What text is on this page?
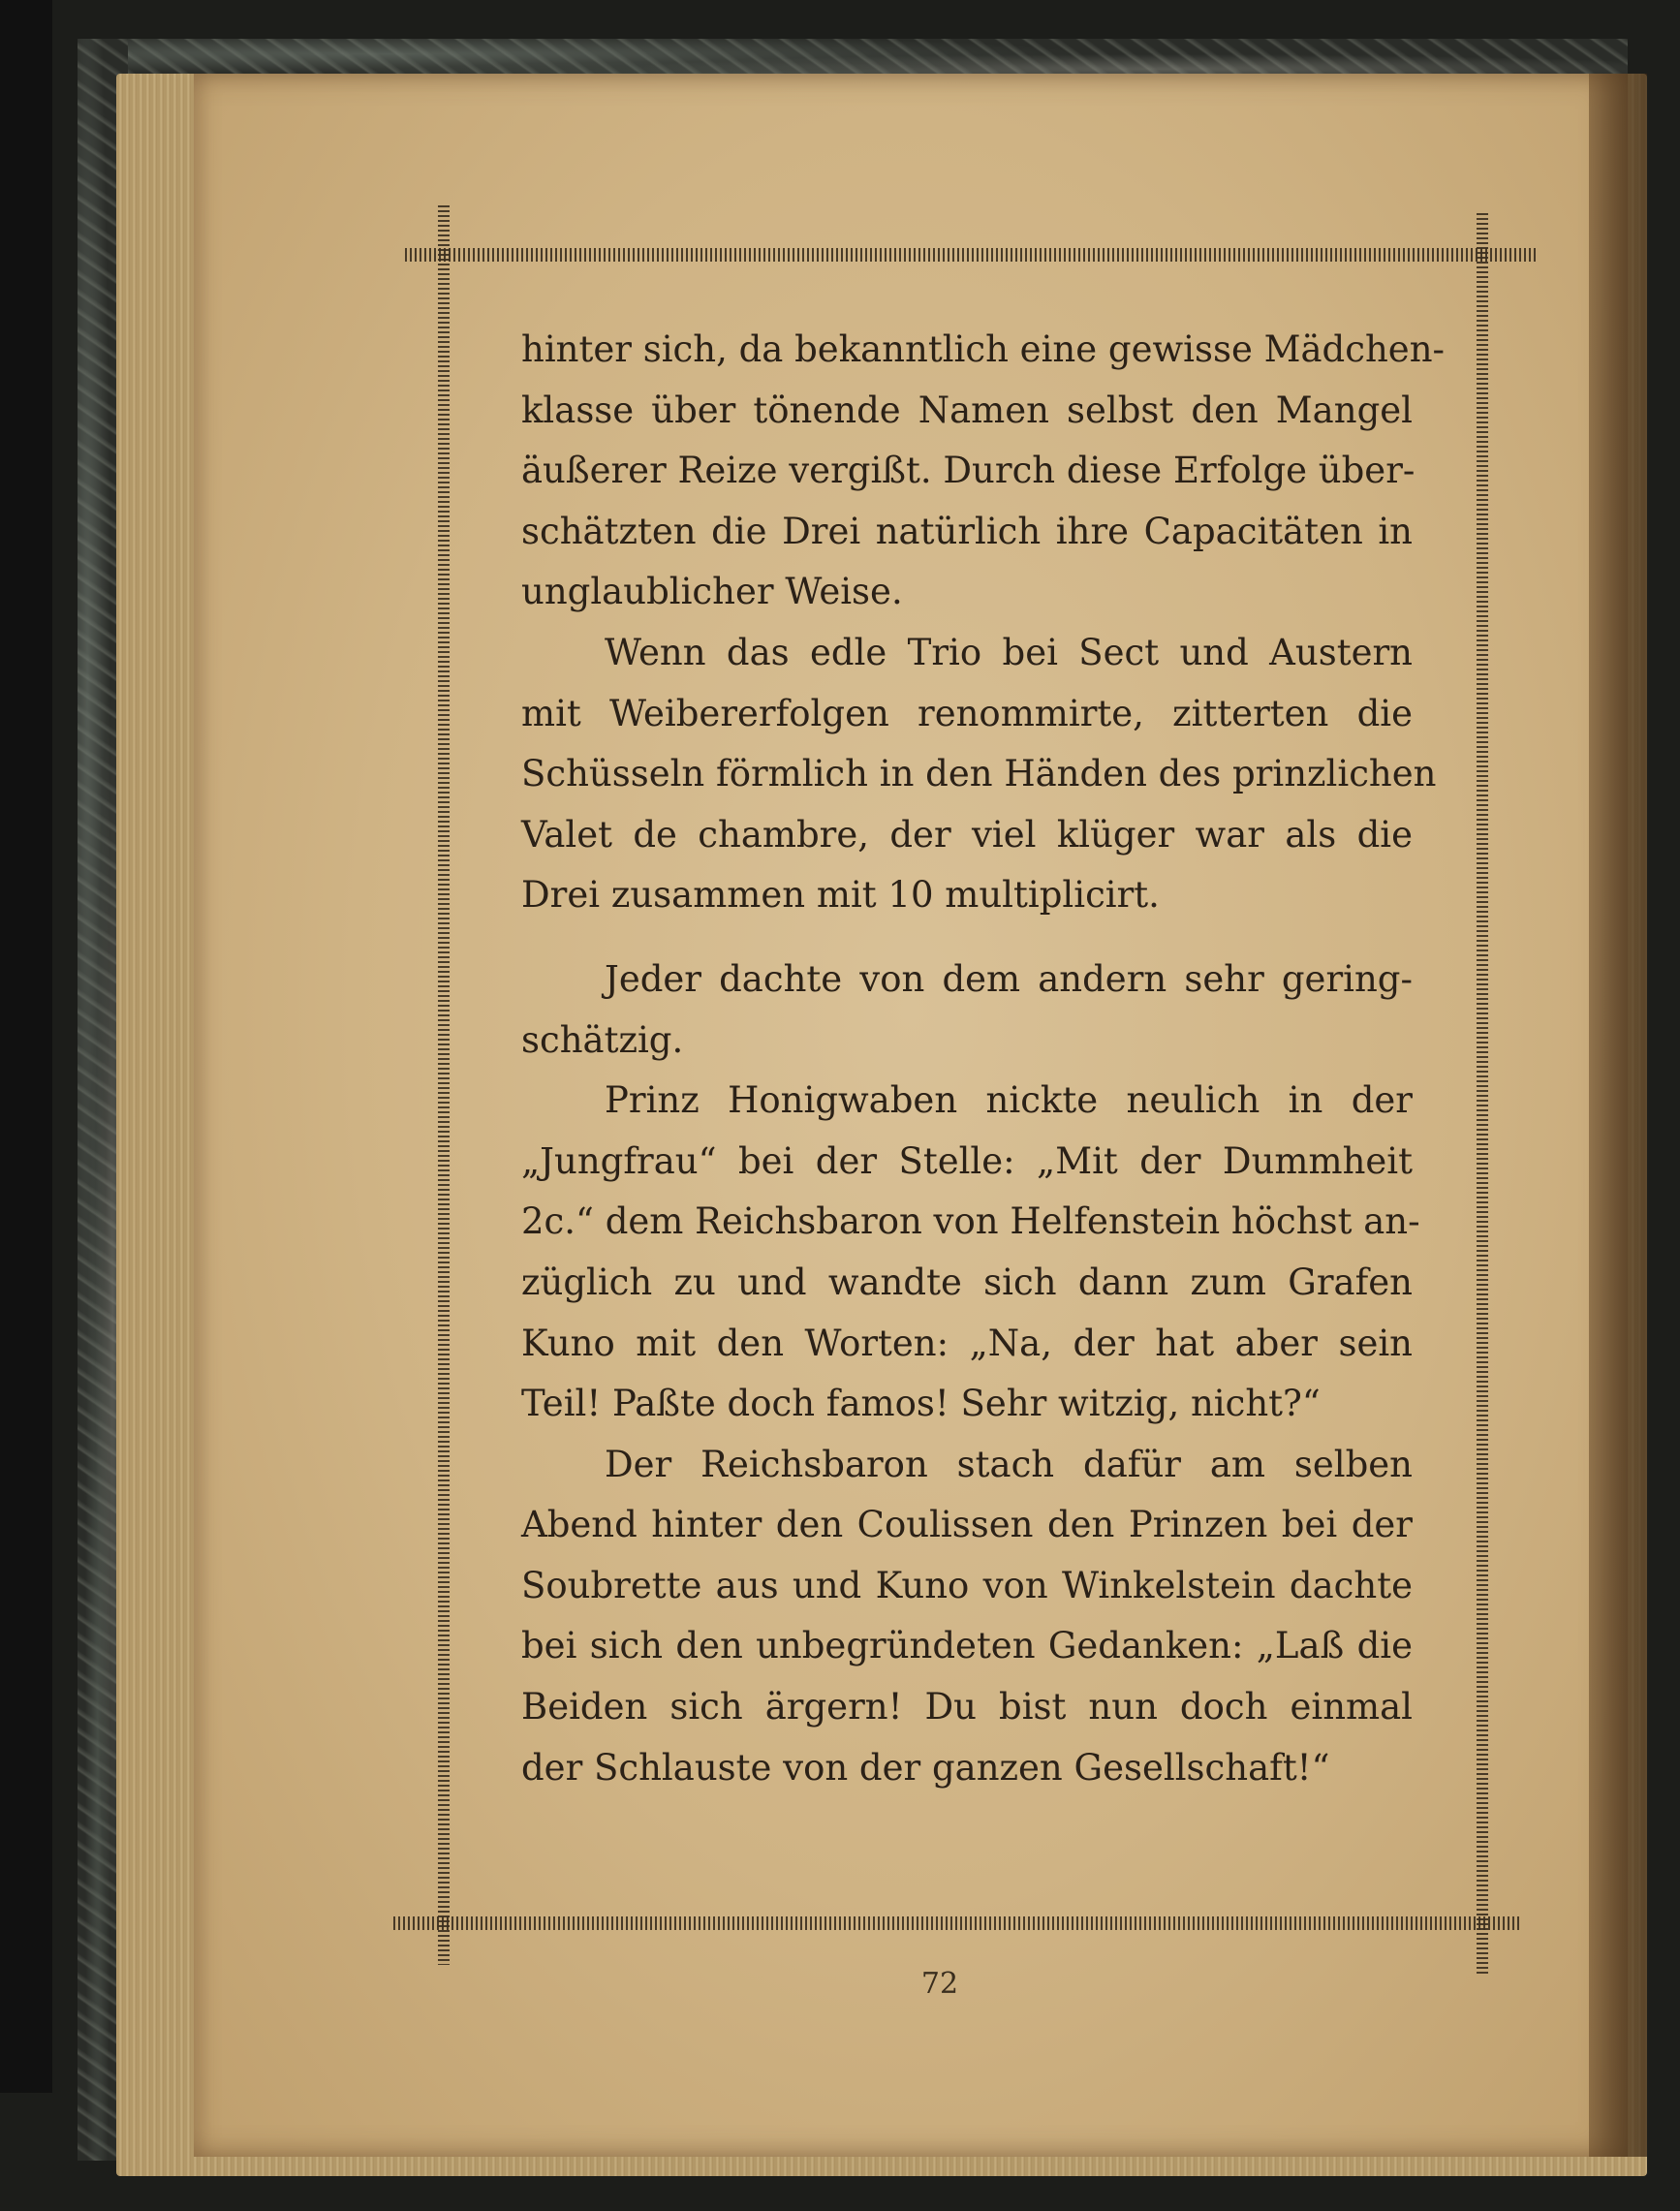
hinter sich, da bekanntlich eine gewisse Mädchen-
klasse über tönende Namen selbst den Mangel
äußerer Reize vergißt. Durch diese Erfolge über-
schätzten die Drei natürlich ihre Capacitäten in
unglaublicher Weise.
Wenn das edle Trio bei Sect und Austern
mit Weibererfolgen renommirte, zitterten die
Schüsseln förmlich in den Händen des prinzlichen
Valet de chambre, der viel klüger war als die
Drei zusammen mit 10 multiplicirt.
Jeder dachte von dem andern sehr gering-
schätzig.
Prinz Honigwaben nickte neulich in der
„Jungfrau“ bei der Stelle: „Mit der Dummheit
2c.“ dem Reichsbaron von Helfenstein höchst an-
züglich zu und wandte sich dann zum Grafen
Kuno mit den Worten: „Na, der hat aber sein
Teil! Paßte doch famos! Sehr witzig, nicht?“
Der Reichsbaron stach dafür am selben
Abend hinter den Coulissen den Prinzen bei der
Soubrette aus und Kuno von Winkelstein dachte
bei sich den unbegründeten Gedanken: „Laß die
Beiden sich ärgern! Du bist nun doch einmal
der Schlauste von der ganzen Gesellschaft!“
72
